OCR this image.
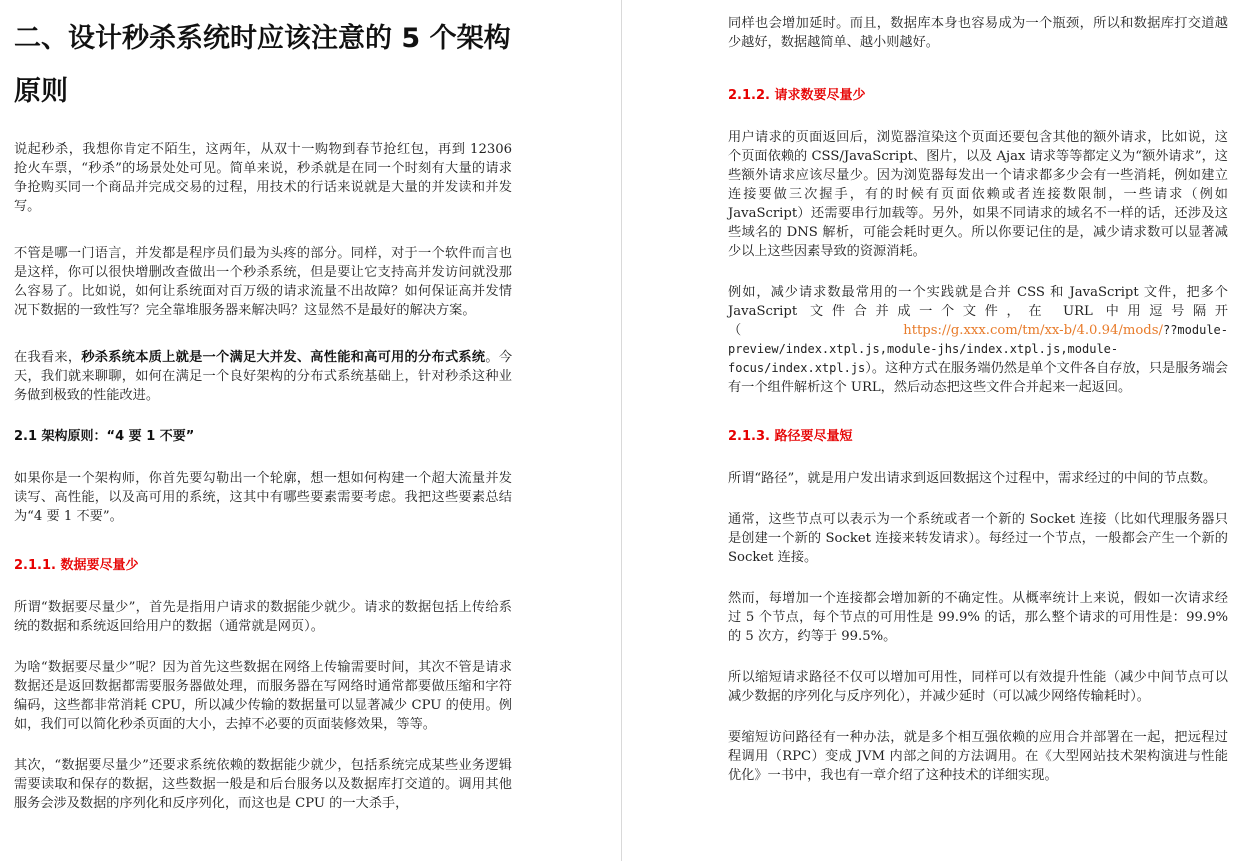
二、设计秒杀系统时应该注意的 5 个架构原则

说起秒杀，我想你肯定不陌生，这两年，从双十一购物到春节抢红包，再到 12306 抢火车票，“秒杀”的场景处处可见。简单来说，秒杀就是在同一个时刻有大量的请求争抢购买同一个商品并完成交易的过程，用技术的行话来说就是大量的并发读和并发写。

不管是哪一门语言，并发都是程序员们最为头疼的部分。同样，对于一个软件而言也是这样，你可以很快增删改查做出一个秒杀系统，但是要让它支持高并发访问就没那么容易了。比如说，如何让系统面对百万级的请求流量不出故障？如何保证高并发情况下数据的一致性写？完全靠堆服务器来解决吗？这显然不是最好的解决方案。

在我看来，秒杀系统本质上就是一个满足大并发、高性能和高可用的分布式系统。今天，我们就来聊聊，如何在满足一个良好架构的分布式系统基础上，针对秒杀这种业务做到极致的性能改进。

2.1 架构原则：“4 要 1 不要”

如果你是一个架构师，你首先要勾勒出一个轮廓，想一想如何构建一个超大流量并发读写、高性能，以及高可用的系统，这其中有哪些要素需要考虑。我把这些要素总结为“4 要 1 不要”。

2.1.1. 数据要尽量少

所谓“数据要尽量少”，首先是指用户请求的数据能少就少。请求的数据包括上传给系统的数据和系统返回给用户的数据（通常就是网页）。

为啥“数据要尽量少”呢？因为首先这些数据在网络上传输需要时间，其次不管是请求数据还是返回数据都需要服务器做处理，而服务器在写网络时通常都要做压缩和字符编码，这些都非常消耗 CPU，所以减少传输的数据量可以显著减少 CPU 的使用。例如，我们可以简化秒杀页面的大小，去掉不必要的页面装修效果，等等。

其次，“数据要尽量少”还要求系统依赖的数据能少就少，包括系统完成某些业务逻辑需要读取和保存的数据，这些数据一般是和后台服务以及数据库打交道的。调用其他服务会涉及数据的序列化和反序列化，而这也是 CPU 的一大杀手，

同样也会增加延时。而且，数据库本身也容易成为一个瓶颈，所以和数据库打交道越少越好，数据越简单、越小则越好。

2.1.2. 请求数要尽量少

用户请求的页面返回后，浏览器渲染这个页面还要包含其他的额外请求，比如说，这个页面依赖的 CSS/JavaScript、图片，以及 Ajax 请求等等都定义为“额外请求”，这些额外请求应该尽量少。因为浏览器每发出一个请求都多少会有一些消耗，例如建立连接要做三次握手，有的时候有页面依赖或者连接数限制，一些请求（例如 JavaScript）还需要串行加载等。另外，如果不同请求的域名不一样的话，还涉及这些域名的 DNS 解析，可能会耗时更久。所以你要记住的是，减少请求数可以显著减少以上这些因素导致的资源消耗。

例如，减少请求数最常用的一个实践就是合并 CSS 和 JavaScript 文件，把多个 JavaScript 文件合并成一个文件，在 URL 中用逗号隔开（https://g.xxx.com/tm/xx-b/4.0.94/mods/??module-preview/index.xtpl.js,module-jhs/index.xtpl.js,module-focus/index.xtpl.js）。这种方式在服务端仍然是单个文件各自存放，只是服务端会有一个组件解析这个 URL，然后动态把这些文件合并起来一起返回。

2.1.3. 路径要尽量短

所谓“路径”，就是用户发出请求到返回数据这个过程中，需求经过的中间的节点数。

通常，这些节点可以表示为一个系统或者一个新的 Socket 连接（比如代理服务器只是创建一个新的 Socket 连接来转发请求）。每经过一个节点，一般都会产生一个新的 Socket 连接。

然而，每增加一个连接都会增加新的不确定性。从概率统计上来说，假如一次请求经过 5 个节点，每个节点的可用性是 99.9% 的话，那么整个请求的可用性是：99.9% 的 5 次方，约等于 99.5%。

所以缩短请求路径不仅可以增加可用性，同样可以有效提升性能（减少中间节点可以减少数据的序列化与反序列化），并减少延时（可以减少网络传输耗时）。

要缩短访问路径有一种办法，就是多个相互强依赖的应用合并部署在一起，把远程过程调用（RPC）变成 JVM 内部之间的方法调用。在《大型网站技术架构演进与性能优化》一书中，我也有一章介绍了这种技术的详细实现。
